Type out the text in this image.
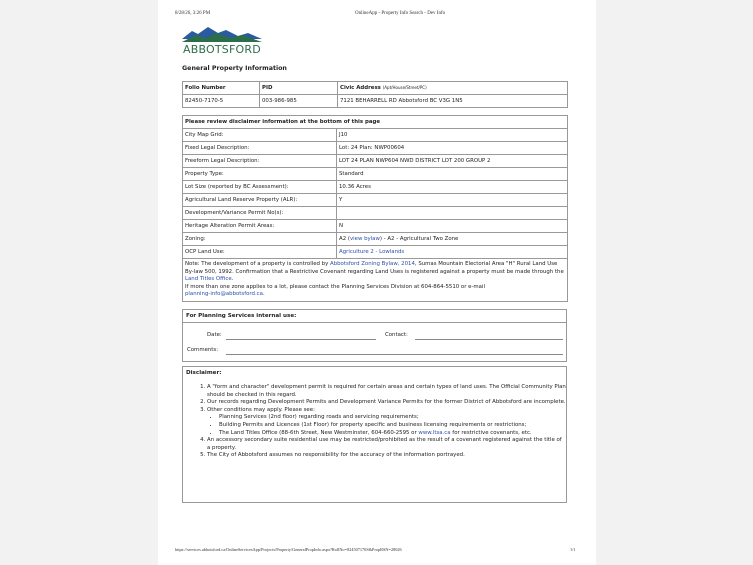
8/28/26, 3:26 PM	OnlineApp - Property Info Search - Dev Info
ABBOTSFORD
General Property Information
Folio Number	PID	Civic Address (Apt/House/Street/PC)
82450-7170-5	003-986-985	7121 BEHARRELL RD Abbotsford BC V3G 1N5
Please review disclaimer information at the bottom of this page	
City Map Grid:	J10
Fixed Legal Description:	Lot: 24 Plan: NWP00604
Freeform Legal Description:	LOT 24 PLAN NWP604 NWD DISTRICT LOT 200 GROUP 2
Property Type:	Standard
Lot Size (reported by BC Assessment):	10.36 Acres
Agricultural Land Reserve Property (ALR):	Y
Development/Variance Permit No(s):	
Heritage Alteration Permit Areas:	N
Zoning:	A2 (view bylaw) - A2 - Agricultural Two Zone
OCP Land Use:	Agriculture 2 - Lowlands
Note: The development of a property is controlled by Abbotsford Zoning Bylaw, 2014, Sumas Mountain Electorial Area "H" Rural Land Use By-law 500, 1992. Confirmation that a Restrictive Covenant regarding Land Uses is registered against a property must be made through the Land Titles Office.
If more than one zone applies to a lot, please contact the Planning Services Division at 604-864-5510 or e-mail
planning-info@abbotsford.ca.	
For Planning Services internal use:
Date:	Contact:
Comments:
Disclaimer:
1. A "form and character" development permit is required for certain areas and certain types of land uses. The Official Community Plan should be checked in this regard.
2. Our records regarding Development Permits and Development Variance Permits for the former District of Abbotsford are incomplete.
3. Other conditions may apply. Please see:
• Planning Services (2nd floor) regarding roads and servicing requirements;
• Building Permits and Licences (1st Floor) for property specific and business licensing requirements or restrictions;
• The Land Titles Office (88-6th Street, New Westminster, 604-660-2595 or www.ltsa.ca for restrictive covenants, etc.
4. An accessory secondary suite residential use may be restricted/prohibited as the result of a covenant registered against the title of a property.
5. The City of Abbotsford assumes no responsibility for the accuracy of the information portrayed.
https://services.abbotsford.ca/OnlineServicesApp/Projects/Property/GeneralPropInfo.aspx?RollNo=824507170S&PropRSN=28026	1/1
